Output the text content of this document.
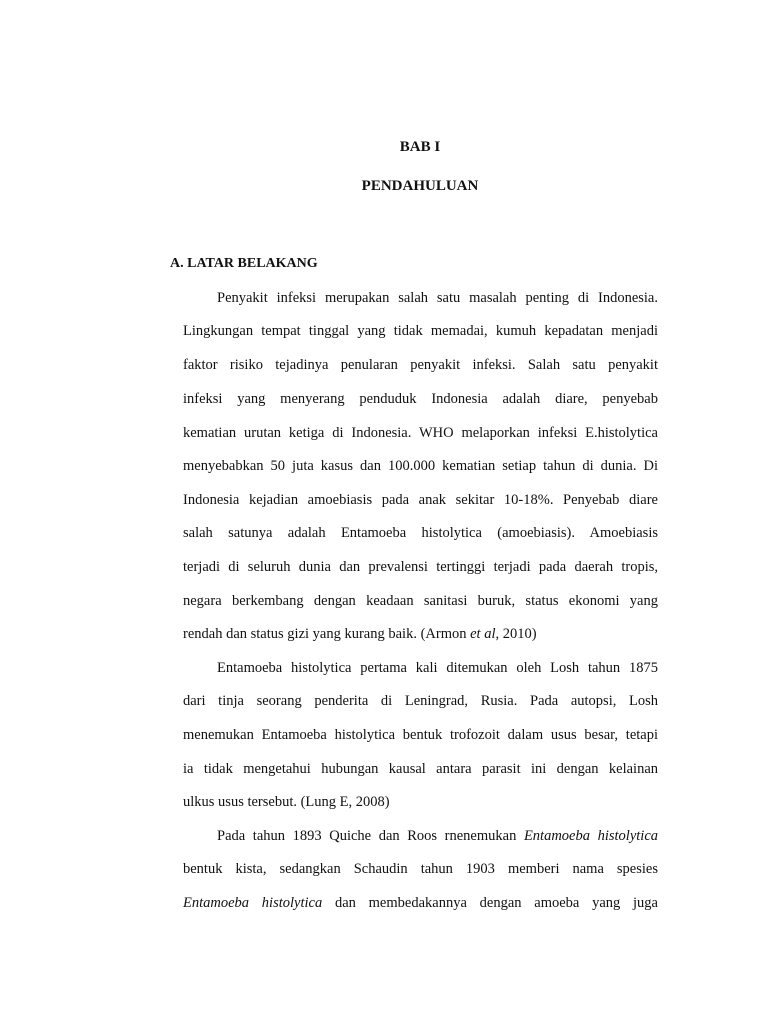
BAB I
PENDAHULUAN
A. LATAR BELAKANG
Penyakit infeksi merupakan salah satu masalah penting di Indonesia.
Lingkungan tempat tinggal yang tidak memadai, kumuh kepadatan menjadi
faktor risiko tejadinya penularan penyakit infeksi. Salah satu penyakit
infeksi yang menyerang penduduk Indonesia adalah diare, penyebab
kematian urutan ketiga di Indonesia. WHO melaporkan infeksi E.histolytica
menyebabkan 50 juta kasus dan 100.000 kematian setiap tahun di dunia. Di
Indonesia kejadian amoebiasis pada anak sekitar 10-18%. Penyebab diare
salah satunya adalah Entamoeba histolytica (amoebiasis). Amoebiasis
terjadi di seluruh dunia dan prevalensi tertinggi terjadi pada daerah tropis,
negara berkembang dengan keadaan sanitasi buruk, status ekonomi yang
rendah dan status gizi yang kurang baik. (Armon et al, 2010)
Entamoeba histolytica pertama kali ditemukan oleh Losh tahun 1875
dari tinja seorang penderita di Leningrad, Rusia. Pada autopsi, Losh
menemukan Entamoeba histolytica bentuk trofozoit dalam usus besar, tetapi
ia tidak mengetahui hubungan kausal antara parasit ini dengan kelainan
ulkus usus tersebut. (Lung E, 2008)
Pada tahun 1893 Quiche dan Roos rnenemukan Entamoeba histolytica
bentuk kista, sedangkan Schaudin tahun 1903 memberi nama spesies
Entamoeba histolytica dan membedakannya dengan amoeba yang juga
